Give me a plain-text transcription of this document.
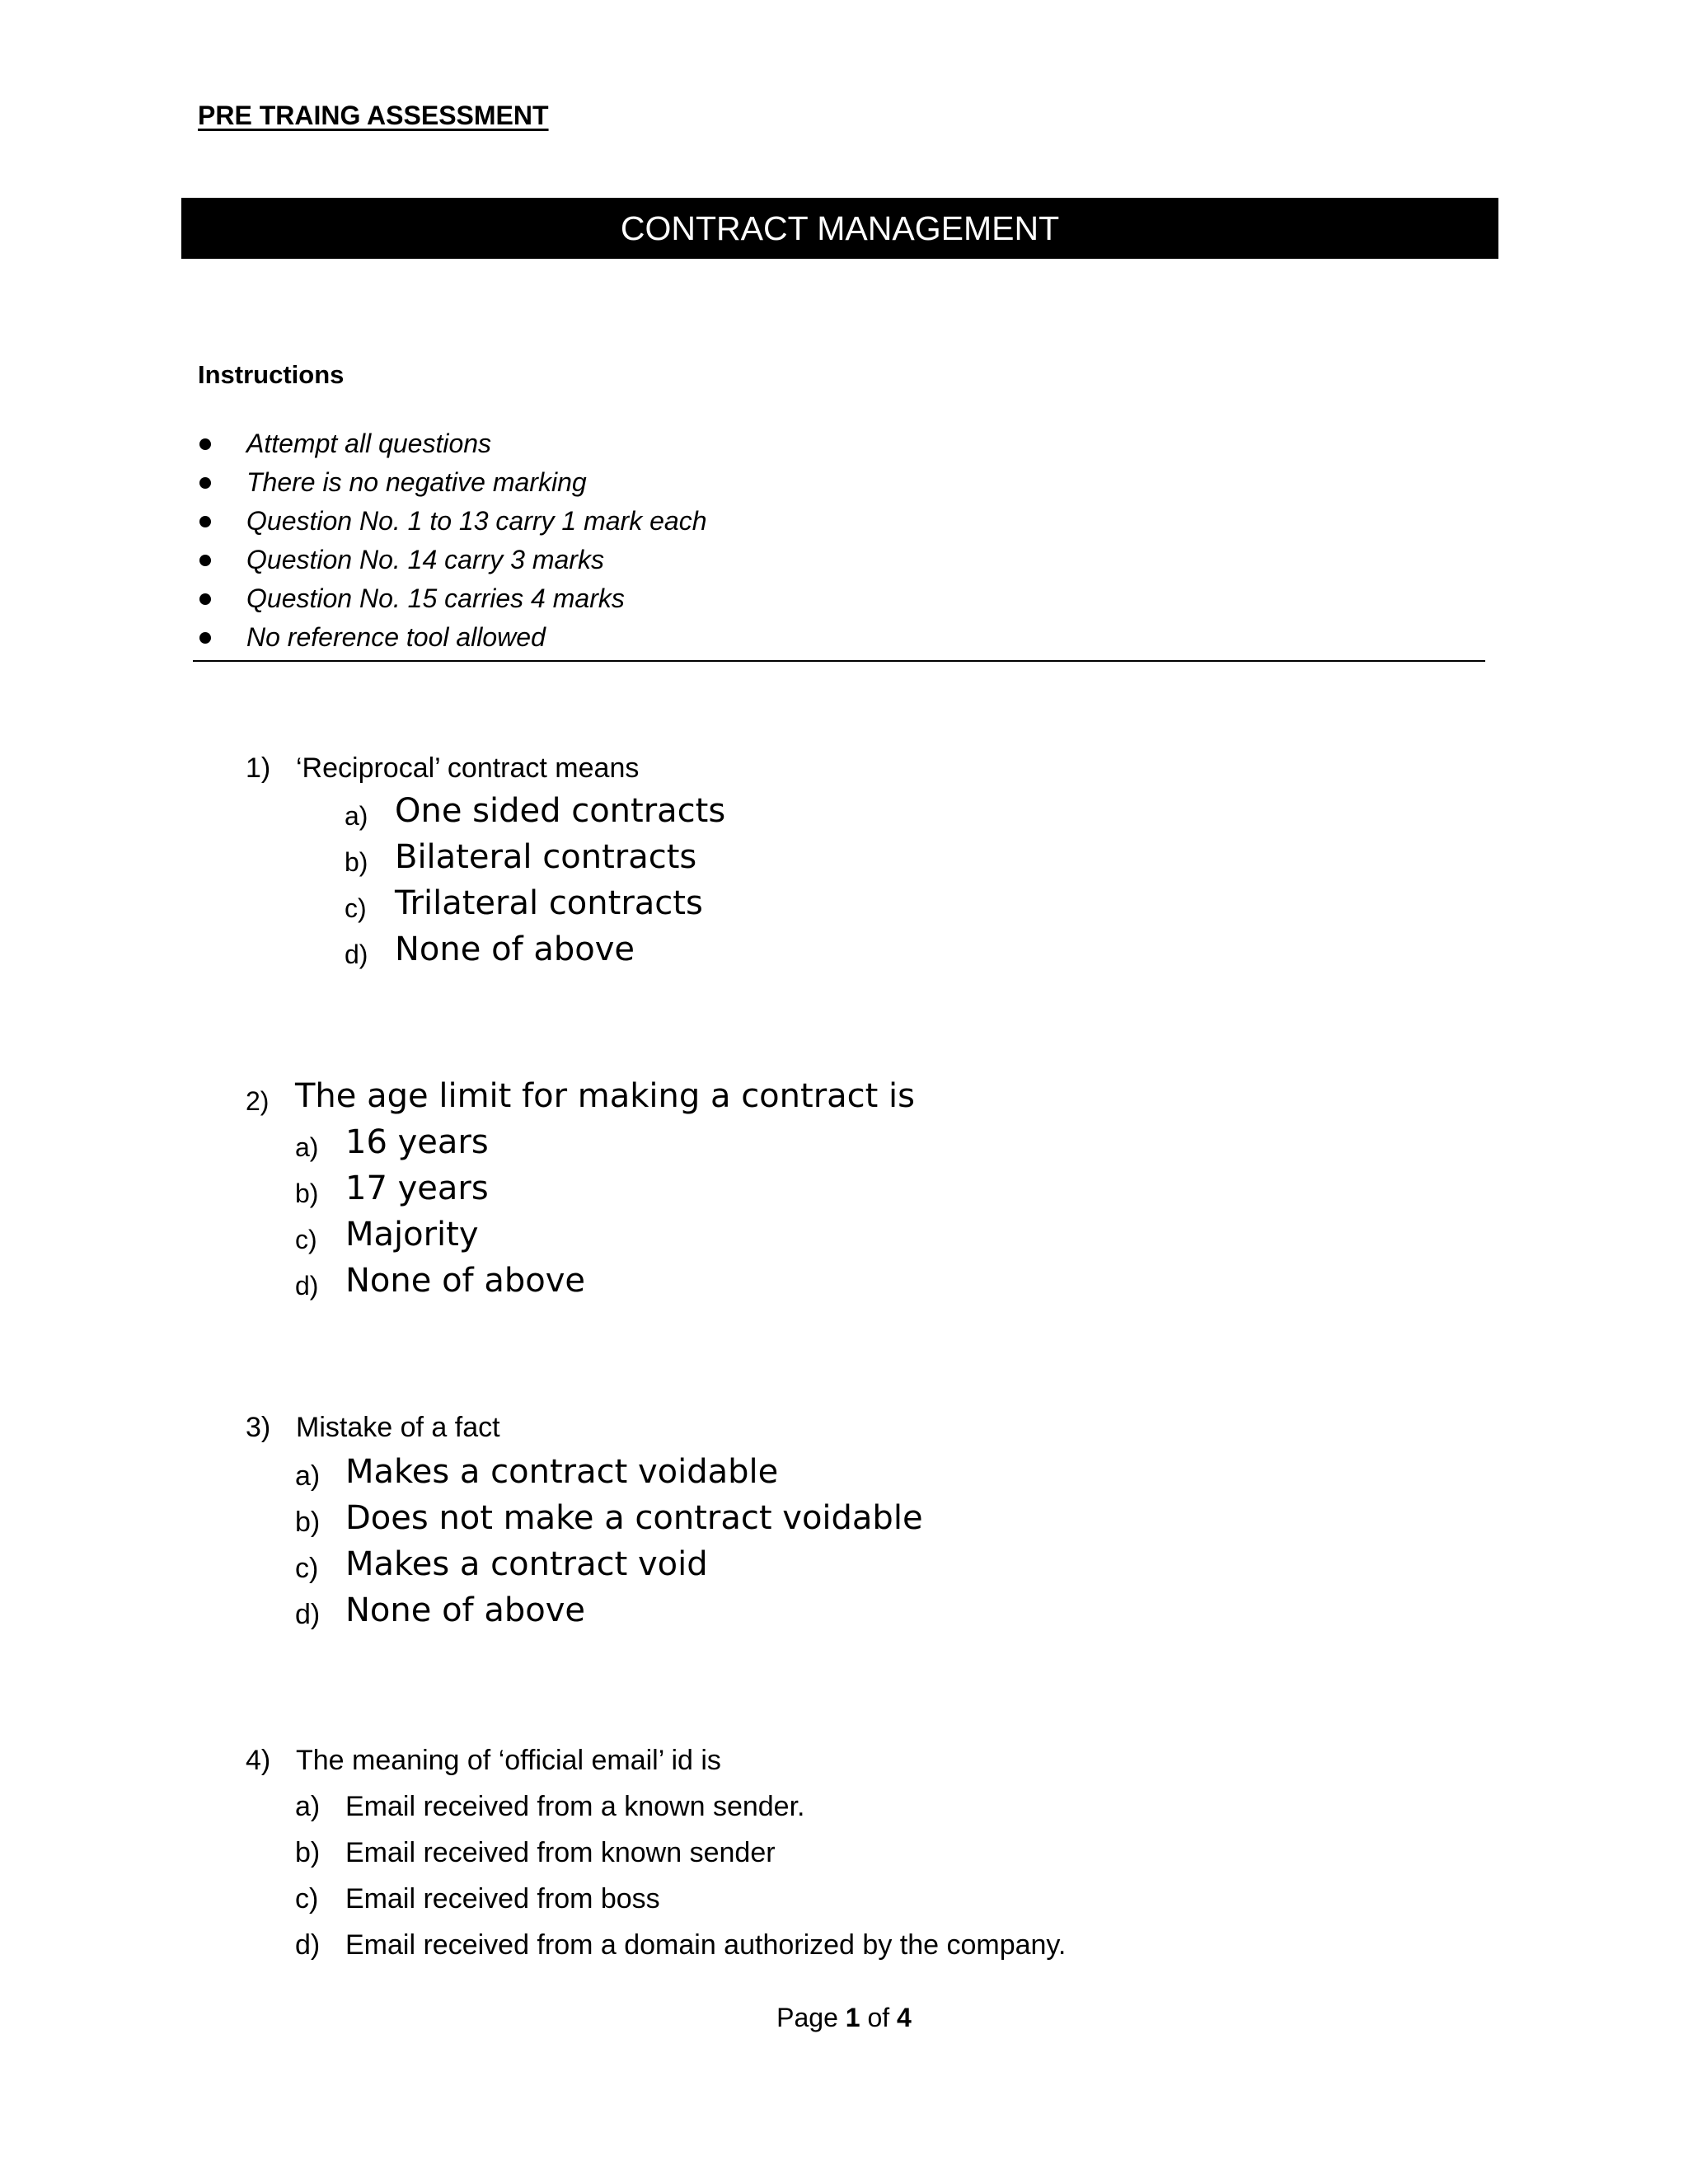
PRE TRAING ASSESSMENT
CONTRACT MANAGEMENT
Instructions
Attempt all questions
There is no negative marking
Question No. 1 to 13 carry 1 mark each
Question No. 14 carry 3 marks
Question No. 15 carries 4 marks
No reference tool allowed
1) ‘Reciprocal’ contract means
a) One sided contracts
b) Bilateral contracts
c) Trilateral contracts
d) None of above
2) The age limit for making a contract is
a) 16 years
b) 17 years
c) Majority
d) None of above
3) Mistake of a fact
a) Makes a contract voidable
b) Does not make a contract voidable
c) Makes a contract void
d) None of above
4) The meaning of ‘official email’ id is
a) Email received from a known sender.
b) Email received from known sender
c) Email received from boss
d) Email received from a domain authorized by the company.
Page 1 of 4
